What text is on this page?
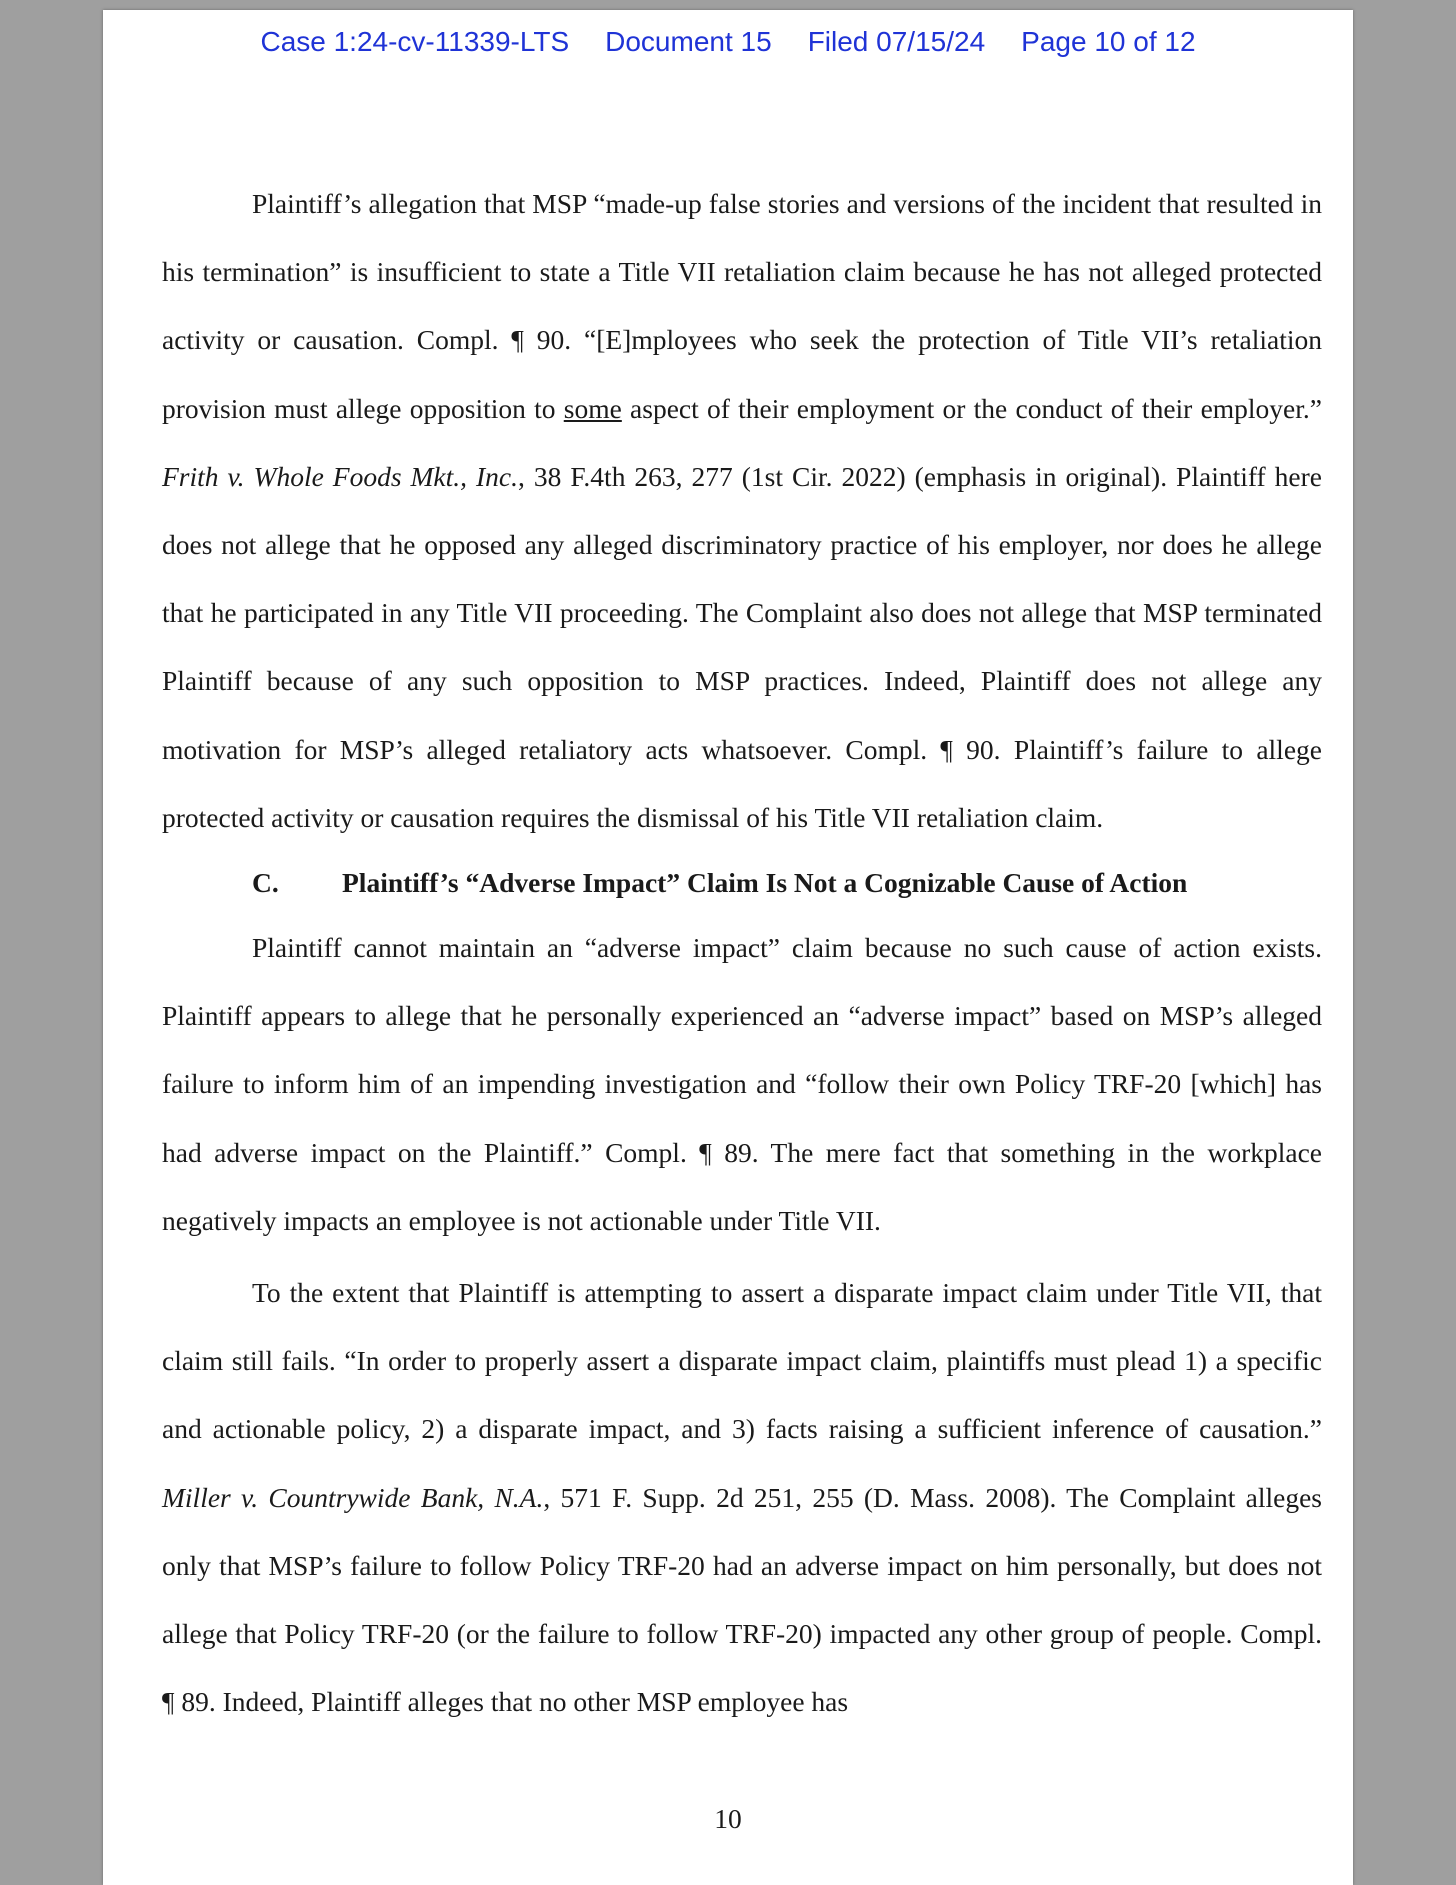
Case 1:24-cv-11339-LTS Document 15 Filed 07/15/24 Page 10 of 12

Plaintiff’s allegation that MSP “made-up false stories and versions of the incident that resulted in his termination” is insufficient to state a Title VII retaliation claim because he has not alleged protected activity or causation. Compl. ¶ 90. “[E]mployees who seek the protection of Title VII’s retaliation provision must allege opposition to some aspect of their employment or the conduct of their employer.” Frith v. Whole Foods Mkt., Inc., 38 F.4th 263, 277 (1st Cir. 2022) (emphasis in original). Plaintiff here does not allege that he opposed any alleged discriminatory practice of his employer, nor does he allege that he participated in any Title VII proceeding. The Complaint also does not allege that MSP terminated Plaintiff because of any such opposition to MSP practices. Indeed, Plaintiff does not allege any motivation for MSP’s alleged retaliatory acts whatsoever. Compl. ¶ 90. Plaintiff’s failure to allege protected activity or causation requires the dismissal of his Title VII retaliation claim.

C. Plaintiff’s “Adverse Impact” Claim Is Not a Cognizable Cause of Action

Plaintiff cannot maintain an “adverse impact” claim because no such cause of action exists. Plaintiff appears to allege that he personally experienced an “adverse impact” based on MSP’s alleged failure to inform him of an impending investigation and “follow their own Policy TRF-20 [which] has had adverse impact on the Plaintiff.” Compl. ¶ 89. The mere fact that something in the workplace negatively impacts an employee is not actionable under Title VII.

To the extent that Plaintiff is attempting to assert a disparate impact claim under Title VII, that claim still fails. “In order to properly assert a disparate impact claim, plaintiffs must plead 1) a specific and actionable policy, 2) a disparate impact, and 3) facts raising a sufficient inference of causation.” Miller v. Countrywide Bank, N.A., 571 F. Supp. 2d 251, 255 (D. Mass. 2008). The Complaint alleges only that MSP’s failure to follow Policy TRF-20 had an adverse impact on him personally, but does not allege that Policy TRF-20 (or the failure to follow TRF-20) impacted any other group of people. Compl. ¶ 89. Indeed, Plaintiff alleges that no other MSP employee has

10
